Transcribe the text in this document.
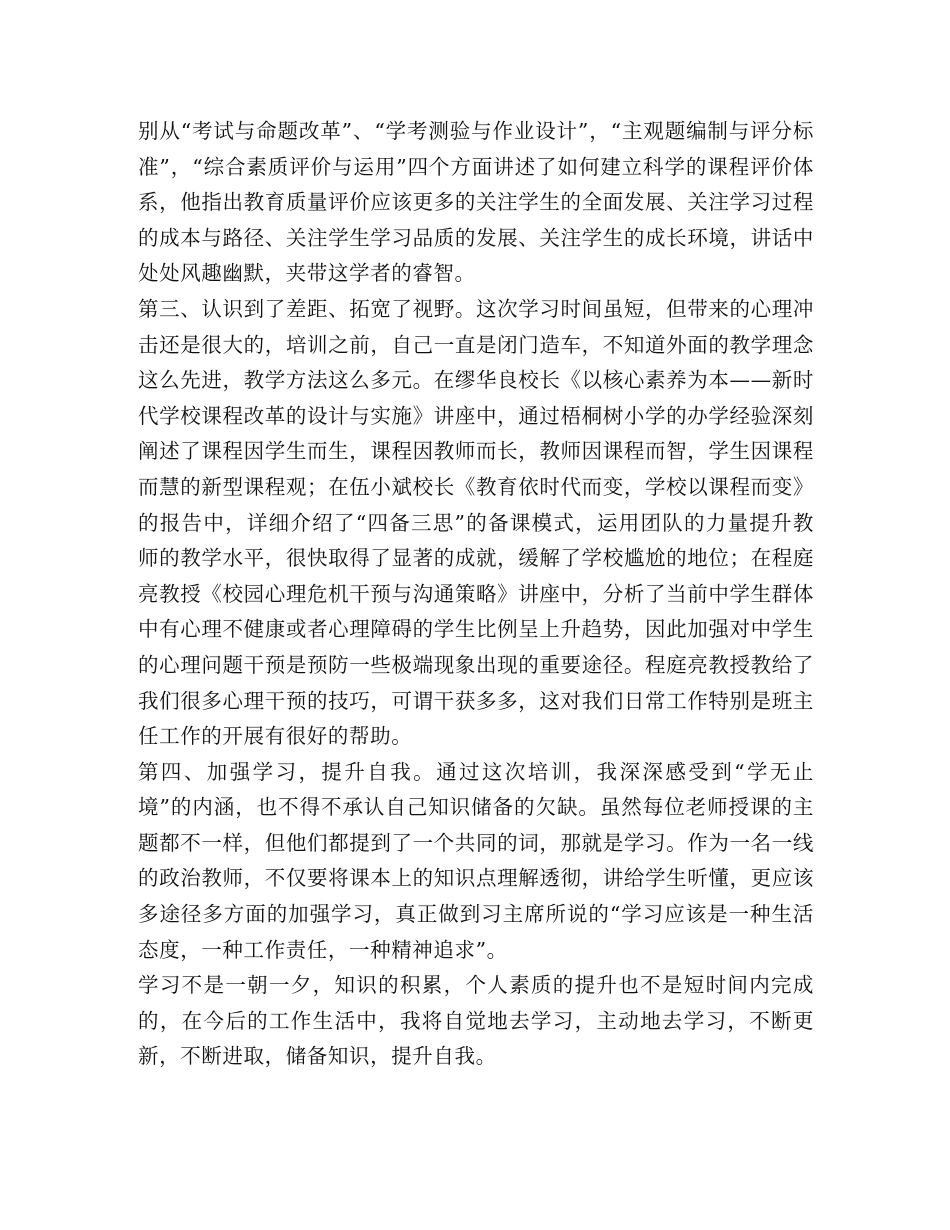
别从“考试与命题改革”、“学考测验与作业设计”，“主观题编制与评分标准”，“综合素质评价与运用”四个方面讲述了如何建立科学的课程评价体系，他指出教育质量评价应该更多的关注学生的全面发展、关注学习过程的成本与路径、关注学生学习品质的发展、关注学生的成长环境，讲话中处处风趣幽默，夹带这学者的睿智。

第三、认识到了差距、拓宽了视野。这次学习时间虽短，但带来的心理冲击还是很大的，培训之前，自己一直是闭门造车，不知道外面的教学理念这么先进，教学方法这么多元。在缪华良校长《以核心素养为本——新时代学校课程改革的设计与实施》讲座中，通过梧桐树小学的办学经验深刻阐述了课程因学生而生，课程因教师而长，教师因课程而智，学生因课程而慧的新型课程观；在伍小斌校长《教育依时代而变，学校以课程而变》的报告中，详细介绍了“四备三思”的备课模式，运用团队的力量提升教师的教学水平，很快取得了显著的成就，缓解了学校尴尬的地位；在程庭亮教授《校园心理危机干预与沟通策略》讲座中，分析了当前中学生群体中有心理不健康或者心理障碍的学生比例呈上升趋势，因此加强对中学生的心理问题干预是预防一些极端现象出现的重要途径。程庭亮教授教给了我们很多心理干预的技巧，可谓干获多多，这对我们日常工作特别是班主任工作的开展有很好的帮助。

第四、加强学习，提升自我。通过这次培训，我深深感受到“学无止境”的内涵，也不得不承认自己知识储备的欠缺。虽然每位老师授课的主题都不一样，但他们都提到了一个共同的词，那就是学习。作为一名一线的政治教师，不仅要将课本上的知识点理解透彻，讲给学生听懂，更应该多途径多方面的加强学习，真正做到习主席所说的“学习应该是一种生活态度，一种工作责任，一种精神追求”。

学习不是一朝一夕，知识的积累，个人素质的提升也不是短时间内完成的，在今后的工作生活中，我将自觉地去学习，主动地去学习，不断更新，不断进取，储备知识，提升自我。
